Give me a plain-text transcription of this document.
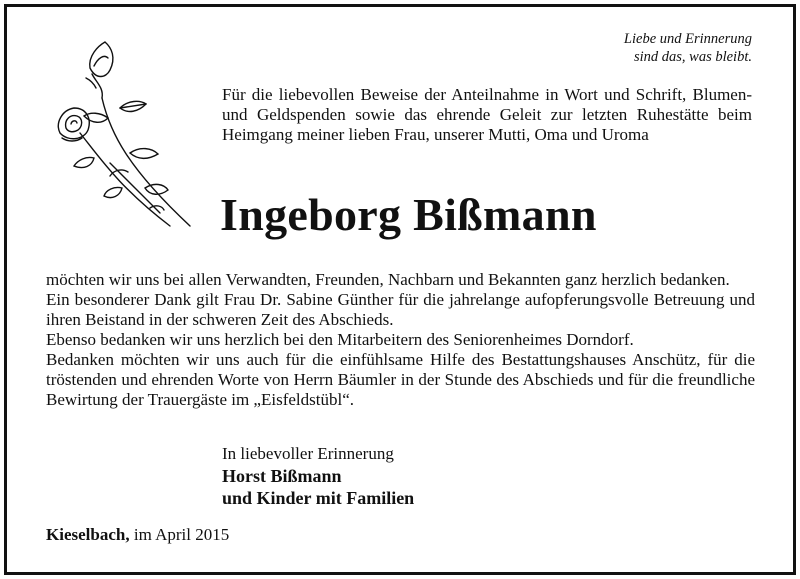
Liebe und Erinnerung
sind das, was bleibt.
Für die liebevollen Beweise der Anteilnahme in Wort und Schrift, Blumen- und Geldspenden sowie das ehrende Geleit zur letzten Ruhestätte beim Heimgang meiner lieben Frau, unserer Mutti, Oma und Uroma
Ingeborg Bißmann

möchten wir uns bei allen Verwandten, Freunden, Nachbarn und Bekannten ganz herzlich bedanken.

Ein besonderer Dank gilt Frau Dr. Sabine Günther für die jahrelange aufopferungsvolle Betreuung und ihren Beistand in der schweren Zeit des Abschieds.

Ebenso bedanken wir uns herzlich bei den Mitarbeitern des Seniorenheimes Dorndorf.

Bedanken möchten wir uns auch für die einfühlsame Hilfe des Bestattungshauses Anschütz, für die tröstenden und ehrenden Worte von Herrn Bäumler in der Stunde des Abschieds und für die freundliche Bewirtung der Trauergäste im „Eisfeldstübl“.

In liebevoller Erinnerung
Horst Bißmann
und Kinder mit Familien
Kieselbach, im April 2015
